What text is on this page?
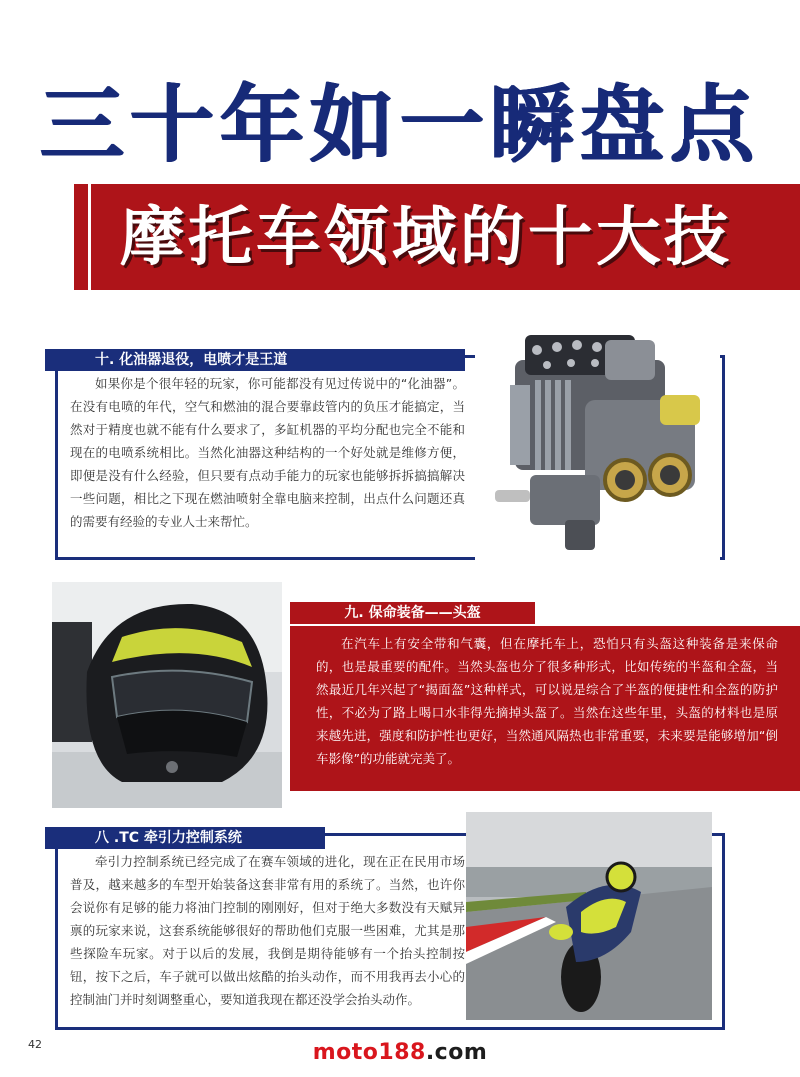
三十年如一瞬盘点
摩托车领域的十大技
十. 化油器退役，电喷才是王道

如果你是个很年轻的玩家，你可能都没有见过传说中的“化油器”。在没有电喷的年代，空气和燃油的混合要靠歧管内的负压才能搞定，当然对于精度也就不能有什么要求了，多缸机器的平均分配也完全不能和现在的电喷系统相比。当然化油器这种结构的一个好处就是维修方便，即便是没有什么经验，但只要有点动手能力的玩家也能够拆拆搞搞解决一些问题，相比之下现在燃油喷射全靠电脑来控制，出点什么问题还真的需要有经验的专业人士来帮忙。

九. 保命装备——头盔

在汽车上有安全带和气囊，但在摩托车上，恐怕只有头盔这种装备是来保命的，也是最重要的配件。当然头盔也分了很多种形式，比如传统的半盔和全盔，当然最近几年兴起了“揭面盔”这种样式，可以说是综合了半盔的便捷性和全盔的防护性，不必为了路上喝口水非得先摘掉头盔了。当然在这些年里，头盔的材料也是原来越先进，强度和防护性也更好，当然通风隔热也非常重要，未来要是能够增加“倒车影像”的功能就完美了。

八 .TC 牵引力控制系统

牵引力控制系统已经完成了在赛车领域的进化，现在正在民用市场普及，越来越多的车型开始装备这套非常有用的系统了。当然，也许你会说你有足够的能力将油门控制的刚刚好，但对于绝大多数没有天赋异禀的玩家来说，这套系统能够很好的帮助他们克服一些困难，尤其是那些探险车玩家。对于以后的发展，我倒是期待能够有一个抬头控制按钮，按下之后，车子就可以做出炫酷的抬头动作，而不用我再去小心的控制油门并时刻调整重心，要知道我现在都还没学会抬头动作。

42	moto188.com
